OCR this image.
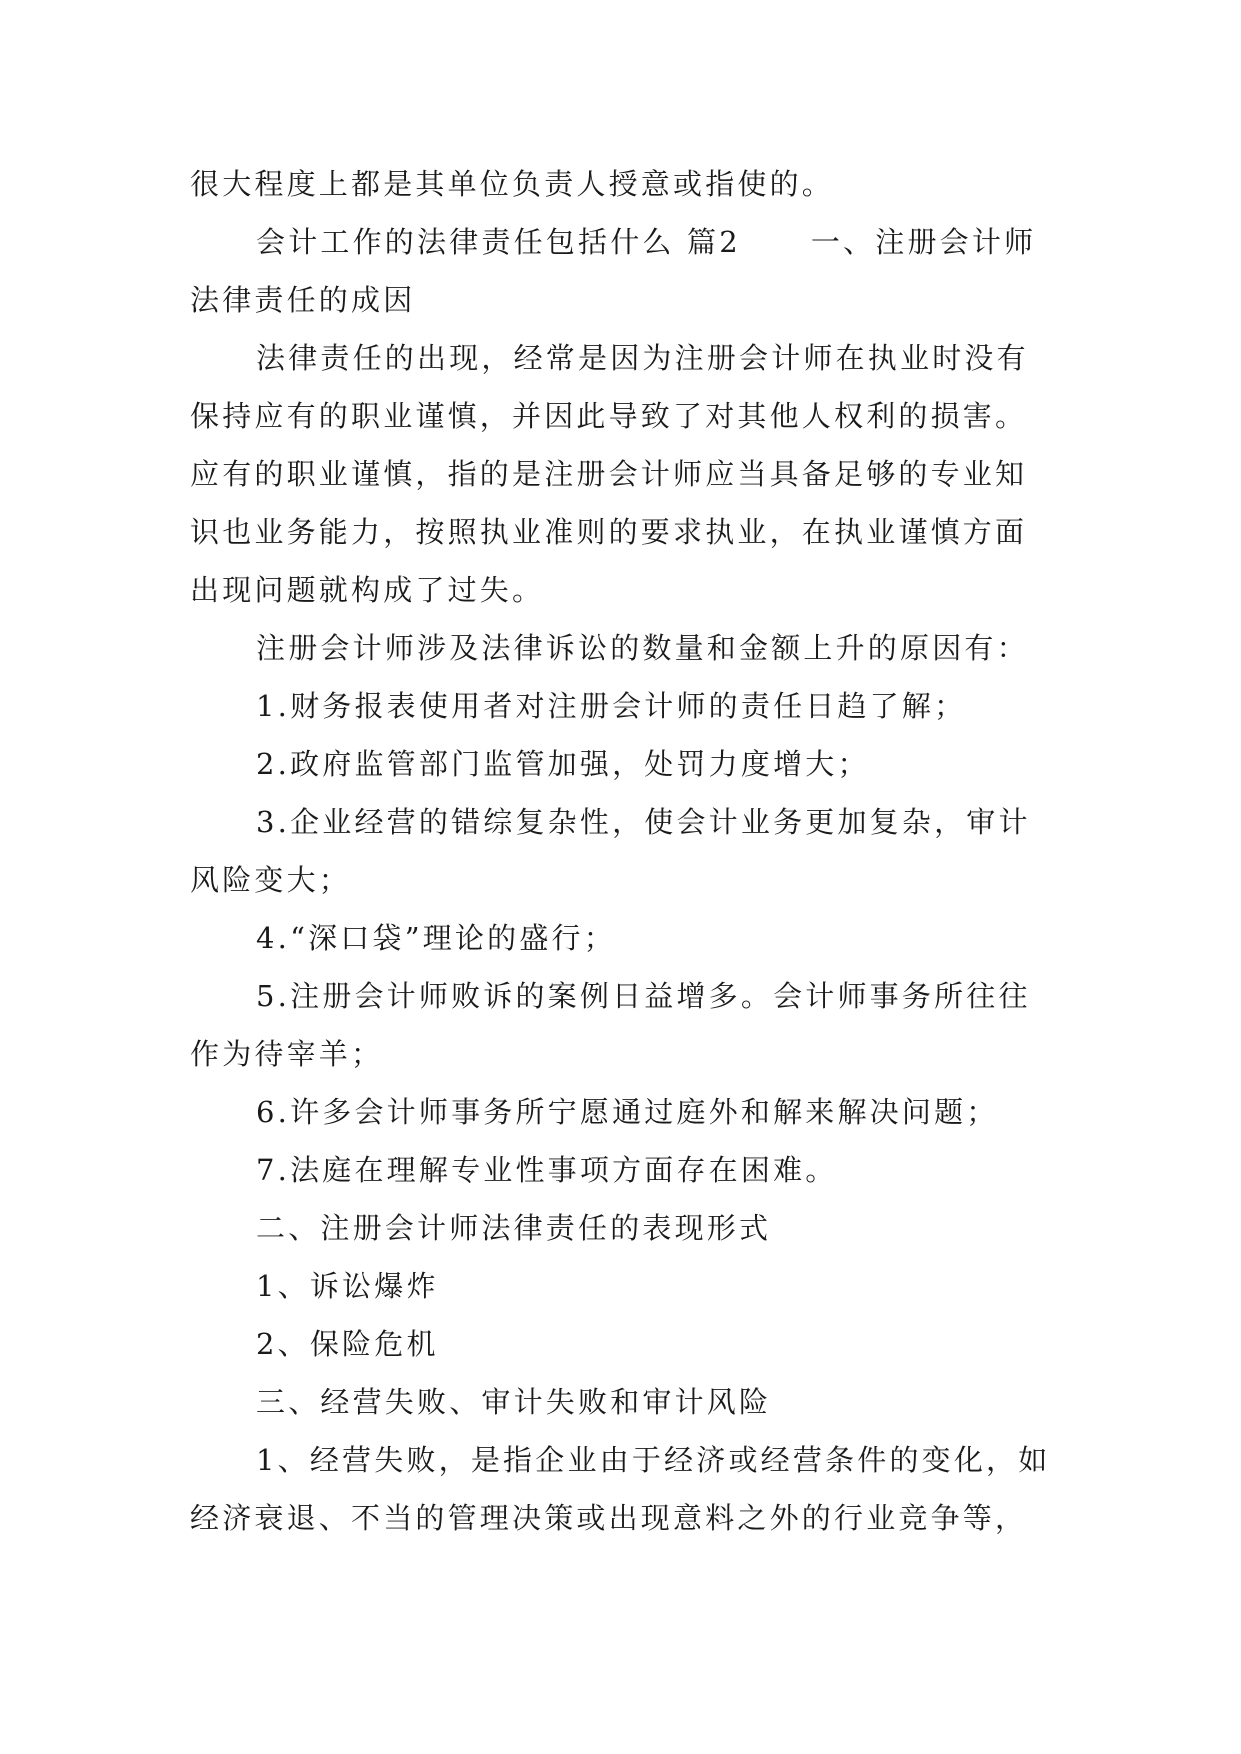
很大程度上都是其单位负责人授意或指使的。

会计工作的法律责任包括什么 篇2 一、注册会计师

法律责任的成因

法律责任的出现，经常是因为注册会计师在执业时没有

保持应有的职业谨慎，并因此导致了对其他人权利的损害。

应有的职业谨慎，指的是注册会计师应当具备足够的专业知

识也业务能力，按照执业准则的要求执业，在执业谨慎方面

出现问题就构成了过失。

注册会计师涉及法律诉讼的数量和金额上升的原因有：

1.财务报表使用者对注册会计师的责任日趋了解；

2.政府监管部门监管加强，处罚力度增大；

3.企业经营的错综复杂性，使会计业务更加复杂，审计

风险变大；

4.“深口袋”理论的盛行；

5.注册会计师败诉的案例日益增多。会计师事务所往往

作为待宰羊；

6.许多会计师事务所宁愿通过庭外和解来解决问题；

7.法庭在理解专业性事项方面存在困难。

二、注册会计师法律责任的表现形式

1、诉讼爆炸

2、保险危机

三、经营失败、审计失败和审计风险

1、经营失败，是指企业由于经济或经营条件的变化，如

经济衰退、不当的管理决策或出现意料之外的行业竞争等，
